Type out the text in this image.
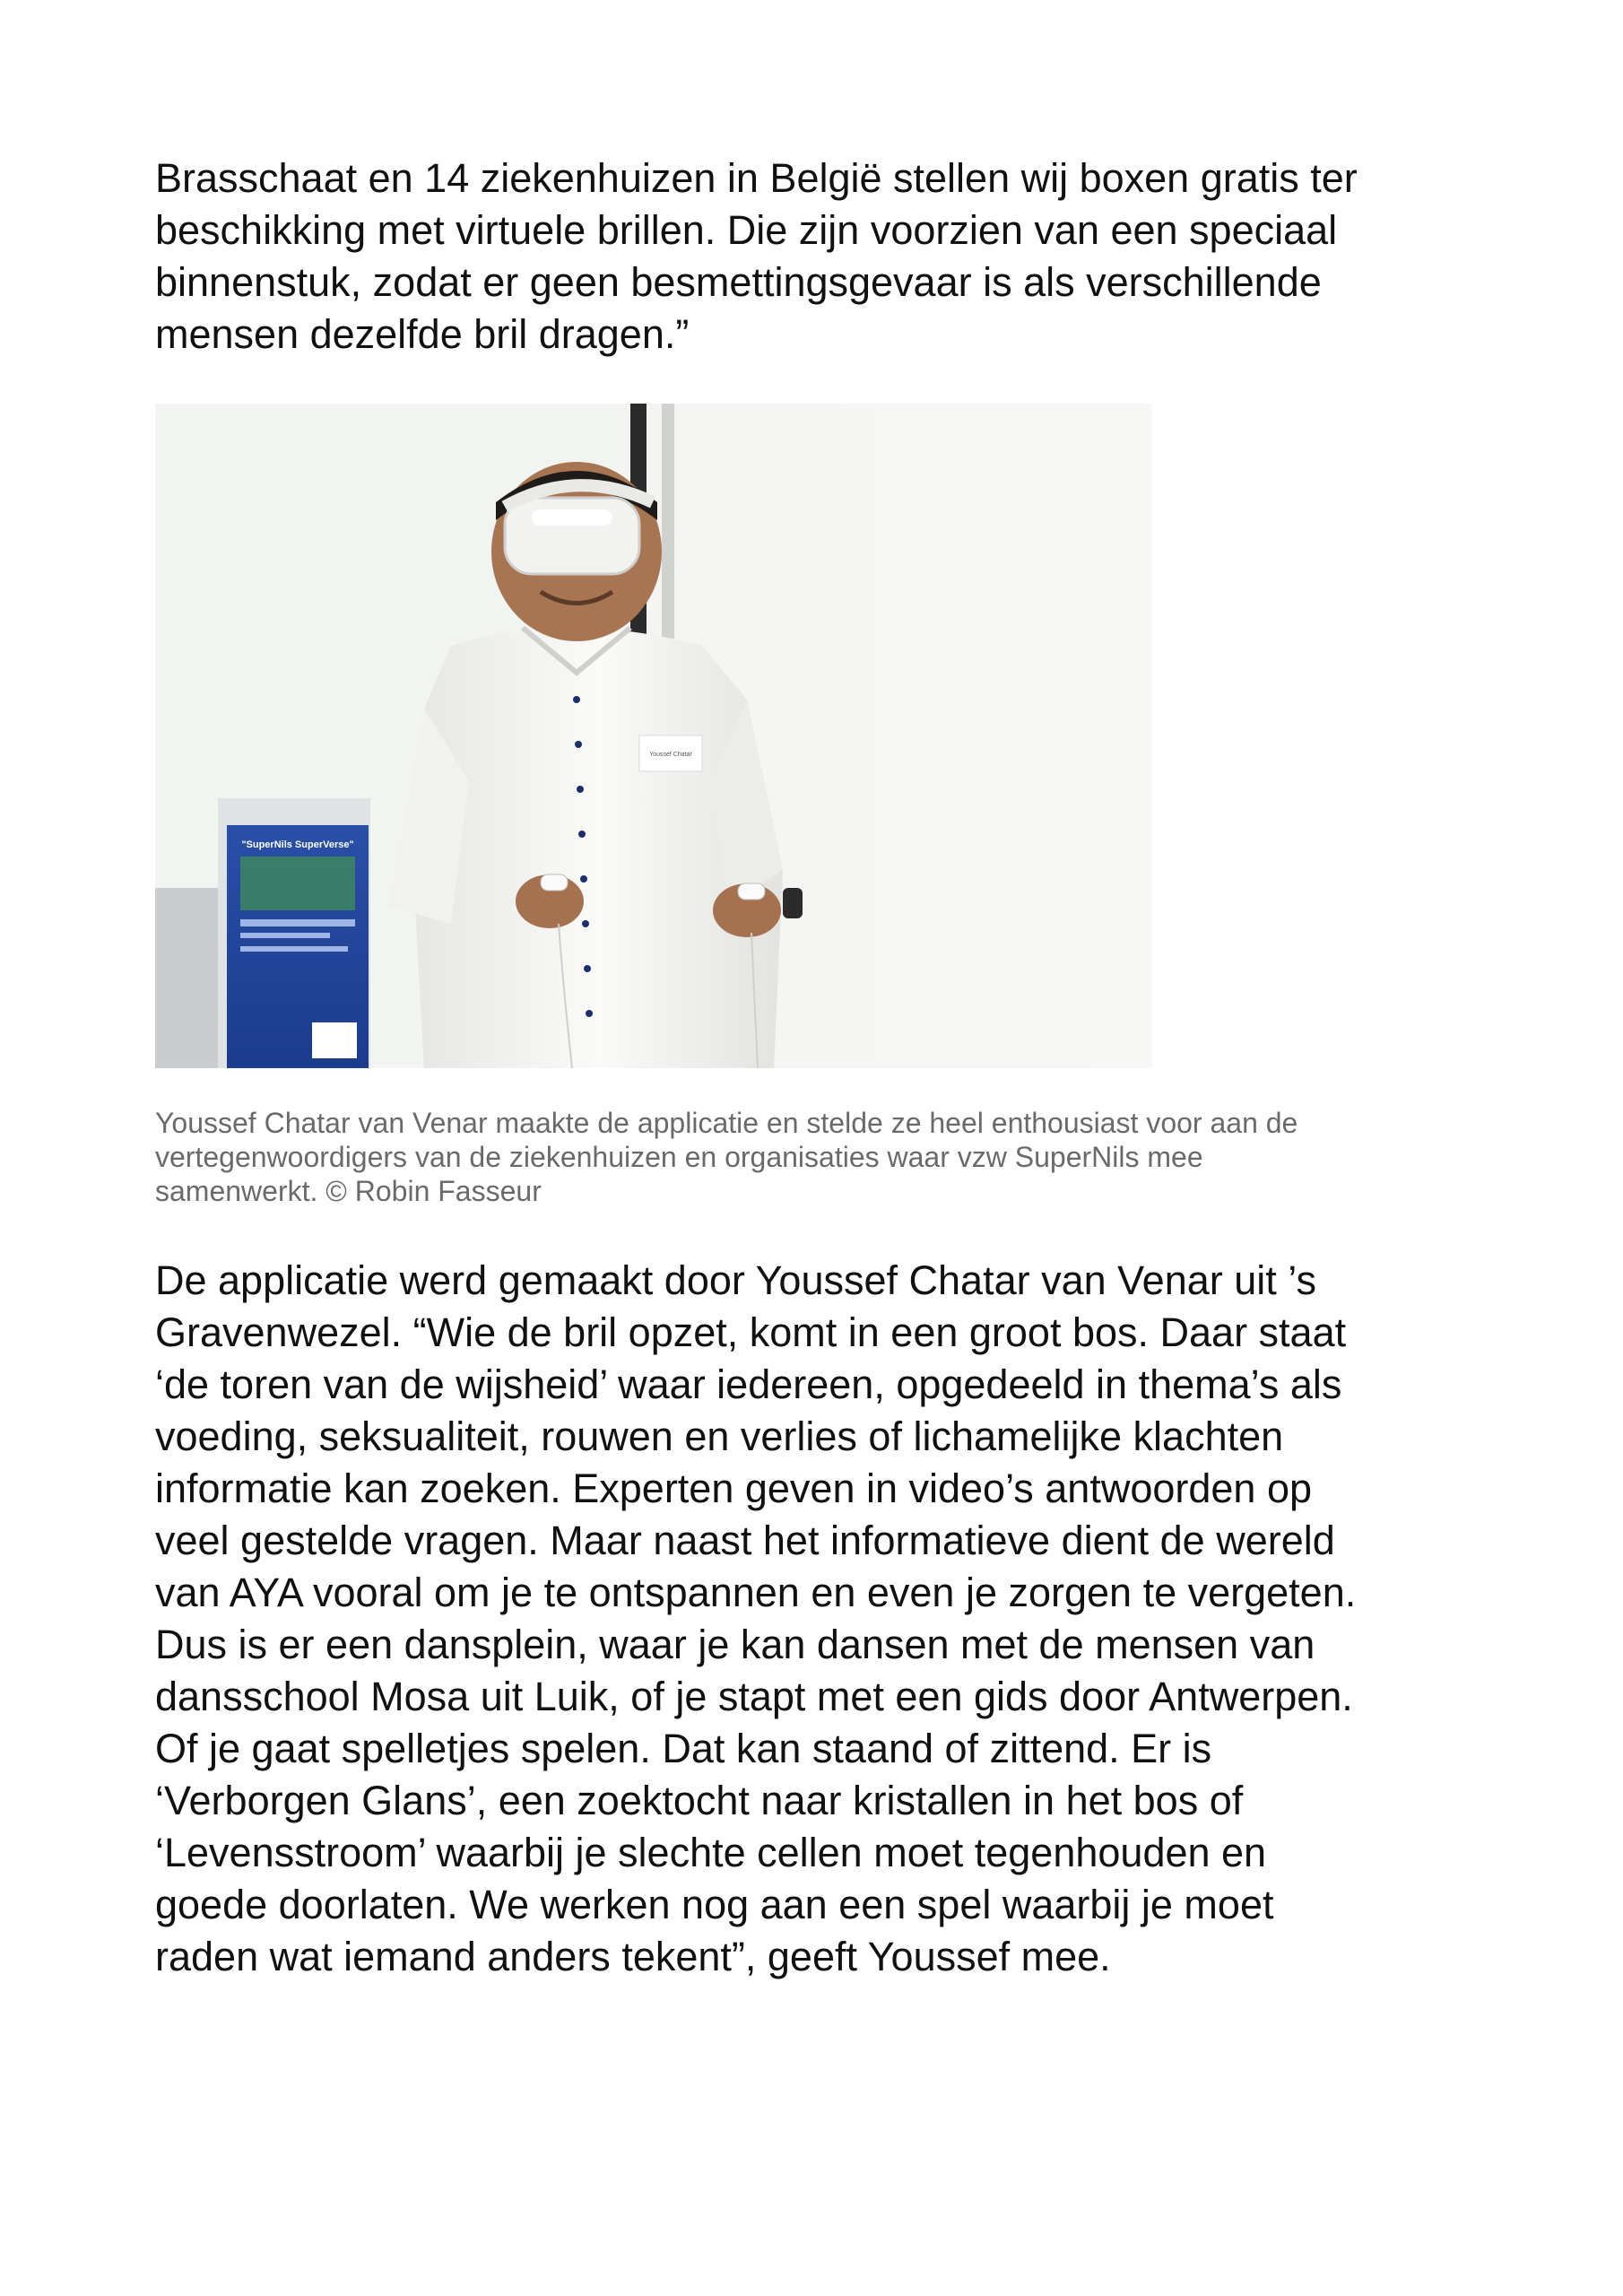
Brasschaat en 14 ziekenhuizen in België stellen wij boxen gratis ter
beschikking met virtuele brillen. Die zijn voorzien van een speciaal
binnenstuk, zodat er geen besmettingsgevaar is als verschillende
mensen dezelfde bril dragen.”

"SuperNils SuperVerse"
Youssef Chatar

Youssef Chatar van Venar maakte de applicatie en stelde ze heel enthousiast voor aan de
vertegenwoordigers van de ziekenhuizen en organisaties waar vzw SuperNils mee
samenwerkt. © Robin Fasseur

De applicatie werd gemaakt door Youssef Chatar van Venar uit ’s
Gravenwezel. “Wie de bril opzet, komt in een groot bos. Daar staat
‘de toren van de wijsheid’ waar iedereen, opgedeeld in thema’s als
voeding, seksualiteit, rouwen en verlies of lichamelijke klachten
informatie kan zoeken. Experten geven in video’s antwoorden op
veel gestelde vragen. Maar naast het informatieve dient de wereld
van AYA vooral om je te ontspannen en even je zorgen te vergeten.
Dus is er een dansplein, waar je kan dansen met de mensen van
dansschool Mosa uit Luik, of je stapt met een gids door Antwerpen.
Of je gaat spelletjes spelen. Dat kan staand of zittend. Er is
‘Verborgen Glans’, een zoektocht naar kristallen in het bos of
‘Levensstroom’ waarbij je slechte cellen moet tegenhouden en
goede doorlaten. We werken nog aan een spel waarbij je moet
raden wat iemand anders tekent”, geeft Youssef mee.
